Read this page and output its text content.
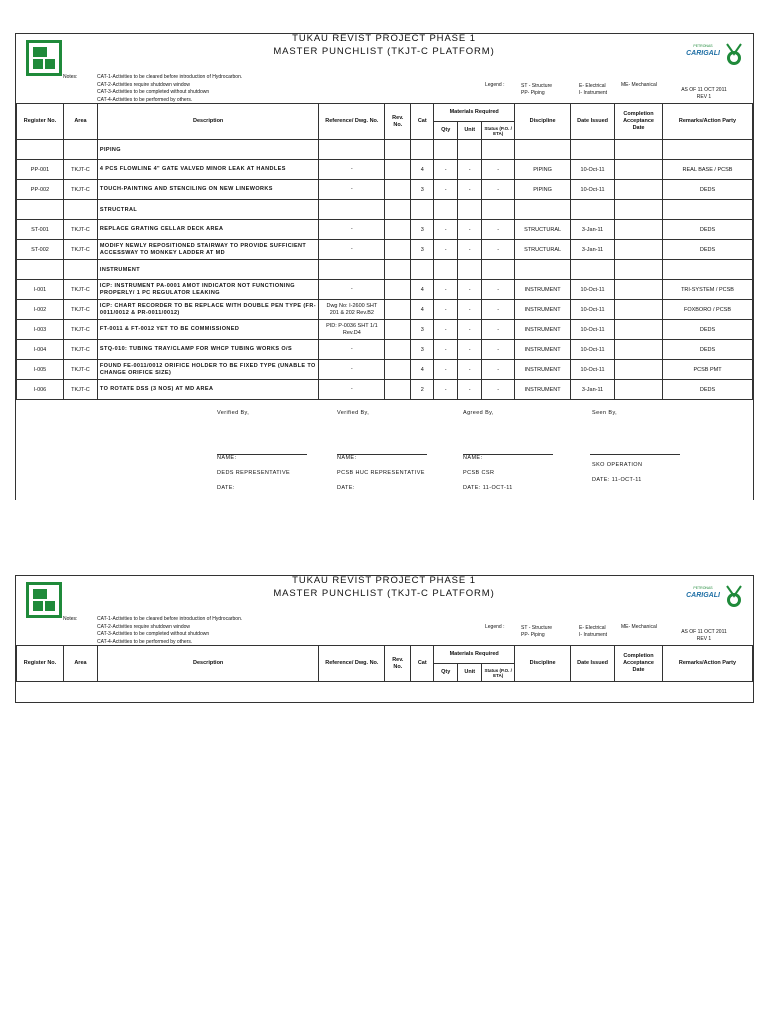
TUKAU REVIST PROJECT PHASE 1
MASTER PUNCHLIST (TKJT-C PLATFORM)	PETRONAS
CARIGALI
Notes:	CAT-1-Activities to be cleared before introduction of Hydrocarbon.
CAT-2-Activities require shutdown window
CAT-3-Activities to be completed without shutdown
CAT-4-Activities to be performed by others.
Legend :	ST - Structure
PP- Piping
E- Electrical
I- Instrument
ME- Mechanical
AS OF 11 OCT 2011
REV 1
Register No.	Area	Description	Reference/ Dwg. No.	Rev. No.	Cat	Materials Required			Discipline	Date Issued	Completion Acceptance Date	Remarks/Action Party
						Qty	Unit	Status (P.O. / ETA)				
		PIPING										
PP-001	TKJT-C	4 PCS FLOWLINE 4" GATE VALVED MINOR LEAK AT HANDLES	-		4	-	-	-	PIPING	10-Oct-11		REAL BASE / PCSB
PP-002	TKJT-C	TOUCH-PAINTING AND STENCILING ON NEW LINEWORKS	-		3	-	-	-	PIPING	10-Oct-11		DEDS
		STRUCTRAL										
ST-001	TKJT-C	REPLACE GRATING CELLAR DECK AREA	-		3	-	-	-	STRUCTURAL	3-Jan-11		DEDS
ST-002	TKJT-C	MODIFY NEWLY REPOSITIONED STAIRWAY TO PROVIDE SUFFICIENT ACCESSWAY TO MONKEY LADDER AT MD	-		3	-	-	-	STRUCTURAL	3-Jan-11		DEDS
		INSTRUMENT										
I-001	TKJT-C	ICP: INSTRUMENT PA-0001 AMOT INDICATOR NOT FUNCTIONING PROPERLY/ 1 PC REGULATOR LEAKING	-		4	-	-	-	INSTRUMENT	10-Oct-11		TRI-SYSTEM / PCSB
I-002	TKJT-C	ICP: CHART RECORDER TO BE REPLACE WITH DOUBLE PEN TYPE (FR-0011/0012 & PR-0011/0012)	Dwg No: I-2600 SHT 201 & 202 Rev.B2		4	-	-	-	INSTRUMENT	10-Oct-11		FOXBORO / PCSB
I-003	TKJT-C	FT-0011 & FT-0012 YET TO BE COMMISSIONED	PID: P-0036 SHT 1/1 Rev.D4		3	-	-	-	INSTRUMENT	10-Oct-11		DEDS
I-004	TKJT-C	STQ-010: TUBING TRAY/CLAMP FOR WHCP TUBING WORKS O/S	-		3	-	-	-	INSTRUMENT	10-Oct-11		DEDS
I-005	TKJT-C	FOUND FE-0011/0012 ORIFICE HOLDER TO BE FIXED TYPE (UNABLE TO CHANGE ORIFICE SIZE)	-		4	-	-	-	INSTRUMENT	10-Oct-11		PCSB PMT
I-006	TKJT-C	TO ROTATE DSS (3 NOS) AT MD AREA	-		2	-	-	-	INSTRUMENT	3-Jan-11		DEDS
Verified By,	Verified By,	Agreed By,	Seen By,
NAME:	NAME:	NAME:
DEDS REPRESENTATIVE	PCSB HUC REPRESENTATIVE	PCSB CSR
SKO OPERATION
DATE:	DATE:	DATE: 11-OCT-11
DATE: 11-OCT-11
TUKAU REVIST PROJECT PHASE 1
MASTER PUNCHLIST (TKJT-C PLATFORM)	PETRONAS
CARIGALI
Notes:	CAT-1-Activities to be cleared before introduction of Hydrocarbon.
CAT-2-Activities require shutdown window
CAT-3-Activities to be completed without shutdown
CAT-4-Activities to be performed by others.
Legend :	ST - Structure
PP- Piping
E- Electrical
I- Instrument
ME- Mechanical
AS OF 11 OCT 2011
REV 1
Register No.	Area	Description	Reference/ Dwg. No.	Rev. No.	Cat	Materials Required			Discipline	Date Issued	Completion Acceptance Date	Remarks/Action Party
						Qty	Unit	Status (P.O. / ETA)				
